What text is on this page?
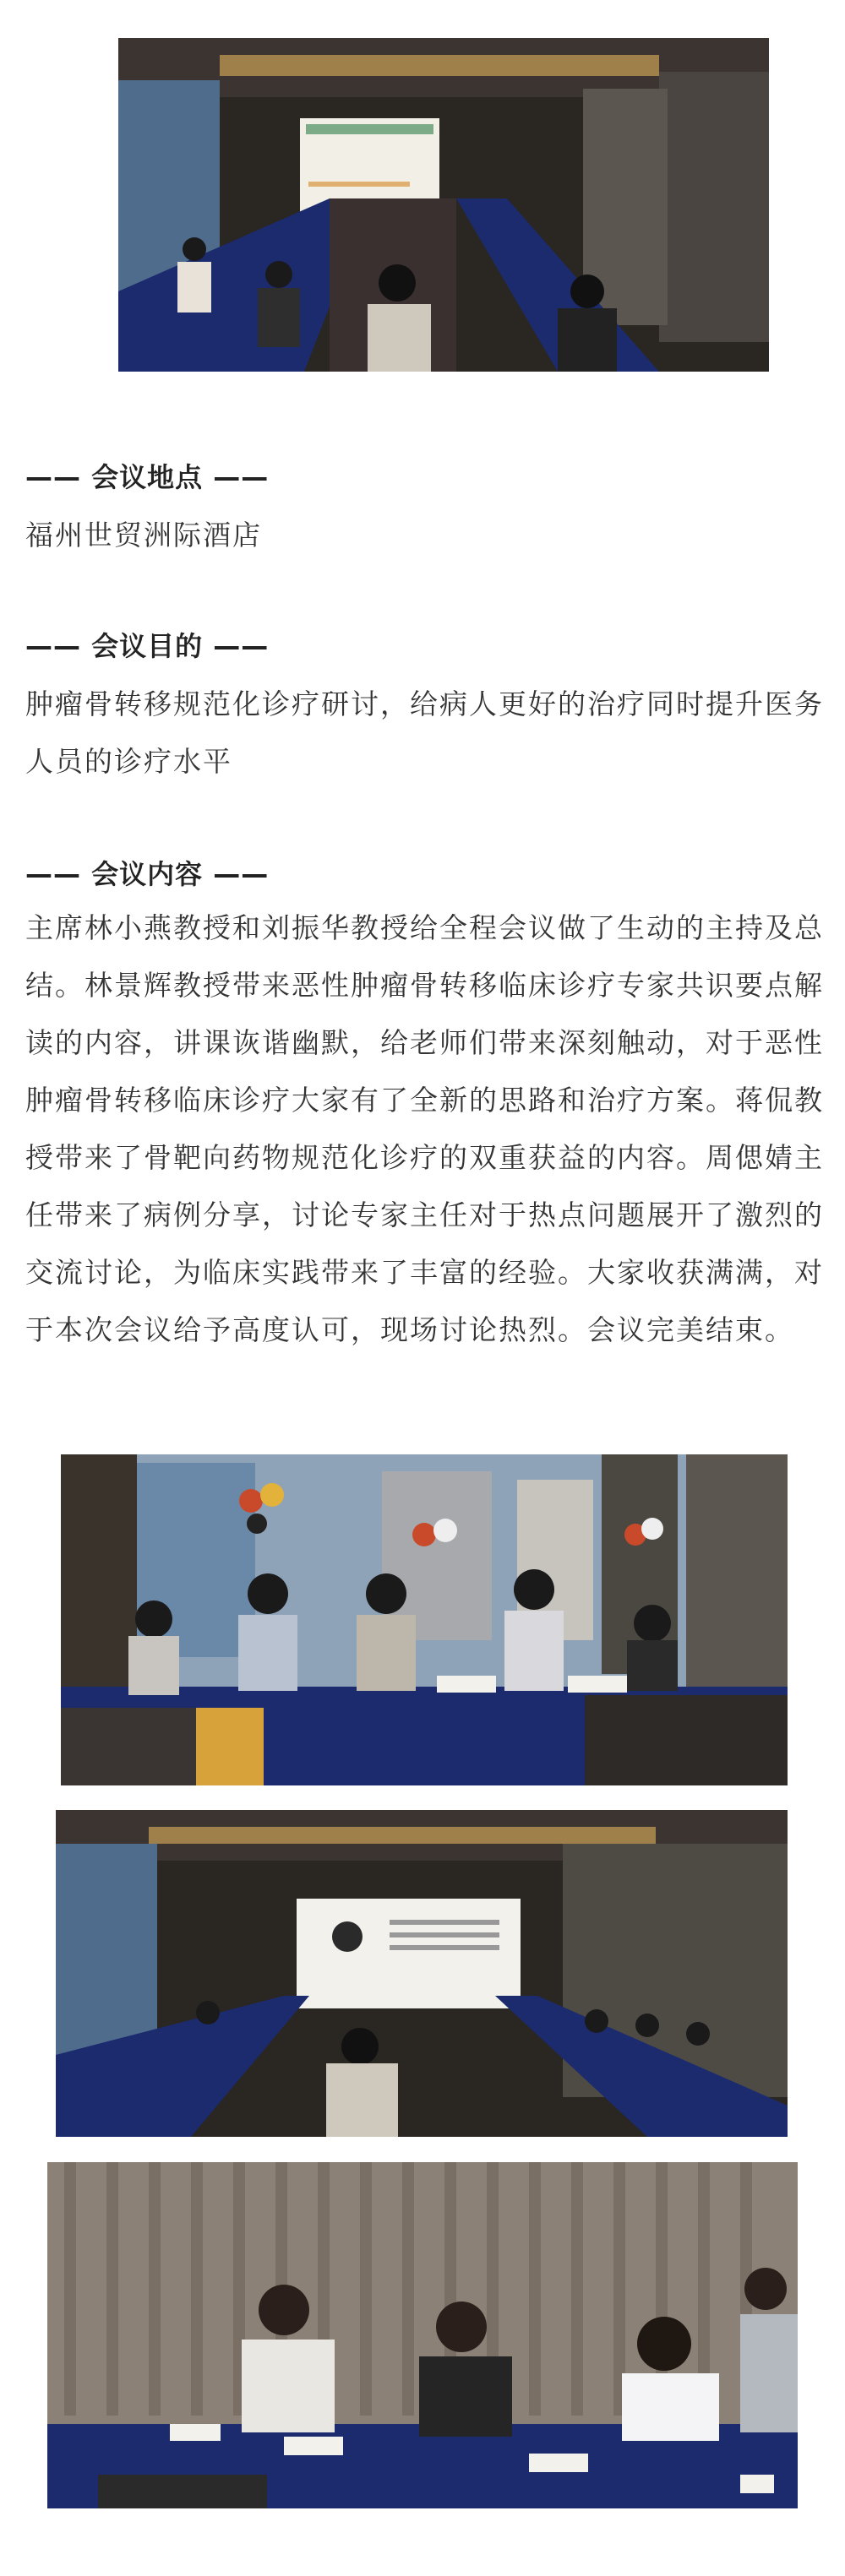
—— 会议地点 ——
福州世贸洲际酒店
—— 会议目的 ——
肿瘤骨转移规范化诊疗研讨，给病人更好的治疗同时提升医务人员的诊疗水平
—— 会议内容 ——
主席林小燕教授和刘振华教授给全程会议做了生动的主持及总结。林景辉教授带来恶性肿瘤骨转移临床诊疗专家共识要点解读的内容，讲课诙谐幽默，给老师们带来深刻触动，对于恶性肿瘤骨转移临床诊疗大家有了全新的思路和治疗方案。蒋侃教授带来了骨靶向药物规范化诊疗的双重获益的内容。周偲婧主任带来了病例分享，讨论专家主任对于热点问题展开了激烈的交流讨论，为临床实践带来了丰富的经验。大家收获满满，对于本次会议给予高度认可，现场讨论热烈。会议完美结束。
